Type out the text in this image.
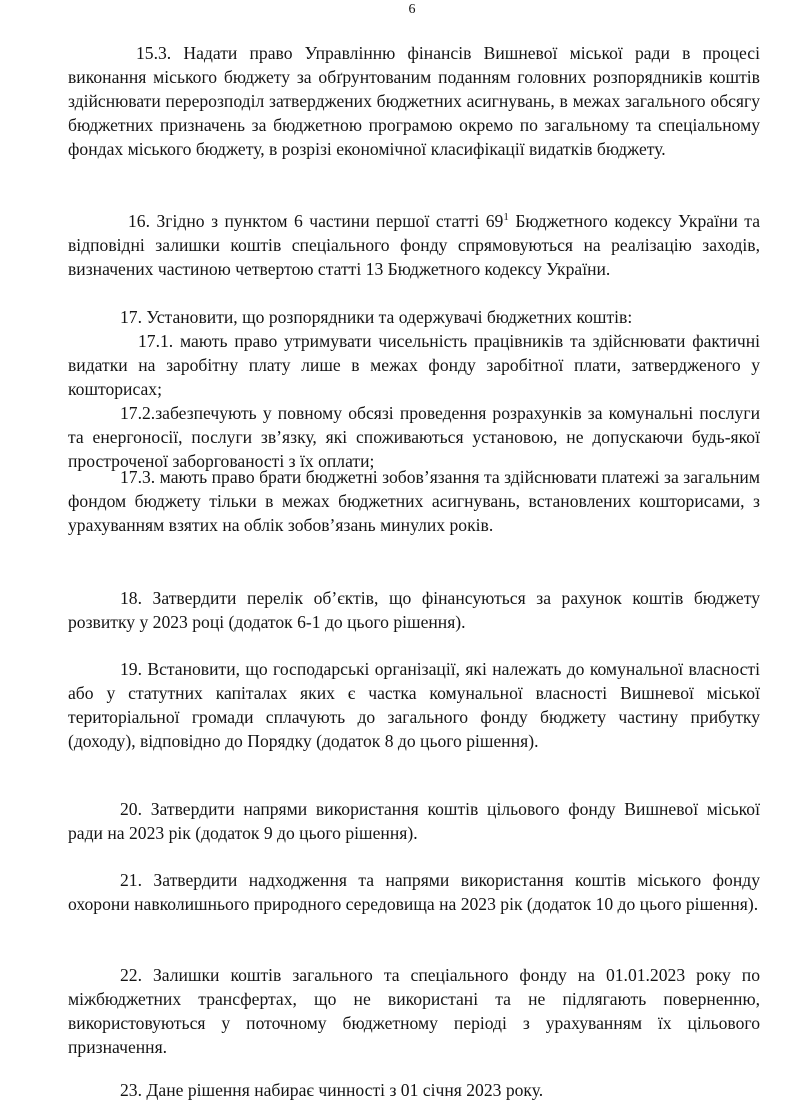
6

15.3. Надати право Управлінню фінансів Вишневої міської ради в процесі виконання міського бюджету за обґрунтованим поданням головних розпорядників коштів здійснювати перерозподіл затверджених бюджетних асигнувань, в межах загального обсягу бюджетних призначень за бюджетною програмою окремо по загальному та спеціальному фондах міського бюджету, в розрізі економічної класифікації видатків бюджету.

16. Згідно з пунктом 6 частини першої статті $69^1$ Бюджетного кодексу України та відповідні залишки коштів спеціального фонду спрямовуються на реалізацію заходів, визначених частиною четвертою статті 13 Бюджетного кодексу України.

17. Установити, що розпорядники та одержувачі бюджетних коштів:

17.1. мають право утримувати чисельність працівників та здійснювати фактичні видатки на заробітну плату лише в межах фонду заробітної плати, затвердженого у кошторисах;

17.2.забезпечують у повному обсязі проведення розрахунків за комунальні послуги та енергоносії, послуги зв’язку, які споживаються установою, не допускаючи будь-якої простроченої заборгованості з їх оплати;

17.3. мають право брати бюджетні зобов’язання та здійснювати платежі за загальним фондом бюджету тільки в межах бюджетних асигнувань, встановлених кошторисами, з урахуванням взятих на облік зобов’язань минулих років.

18. Затвердити перелік об’єктів, що фінансуються за рахунок коштів бюджету розвитку у 2023 році (додаток 6-1 до цього рішення).

19. Встановити, що господарські організації, які належать до комунальної власності або у статутних капіталах яких є частка комунальної власності Вишневої міської територіальної громади сплачують до загального фонду бюджету частину прибутку (доходу), відповідно до Порядку (додаток 8 до цього рішення).

20. Затвердити напрями використання коштів цільового фонду Вишневої міської ради на 2023 рік (додаток 9 до цього рішення).

21. Затвердити надходження та напрями використання коштів міського фонду охорони навколишнього природного середовища на 2023 рік (додаток 10 до цього рішення).

22. Залишки коштів загального та спеціального фонду на 01.01.2023 року по міжбюджетних трансфертах, що не використані та не підлягають поверненню, використовуються у поточному бюджетному періоді з урахуванням їх цільового призначення.

23. Дане рішення набирає чинності з 01 січня 2023 року.
